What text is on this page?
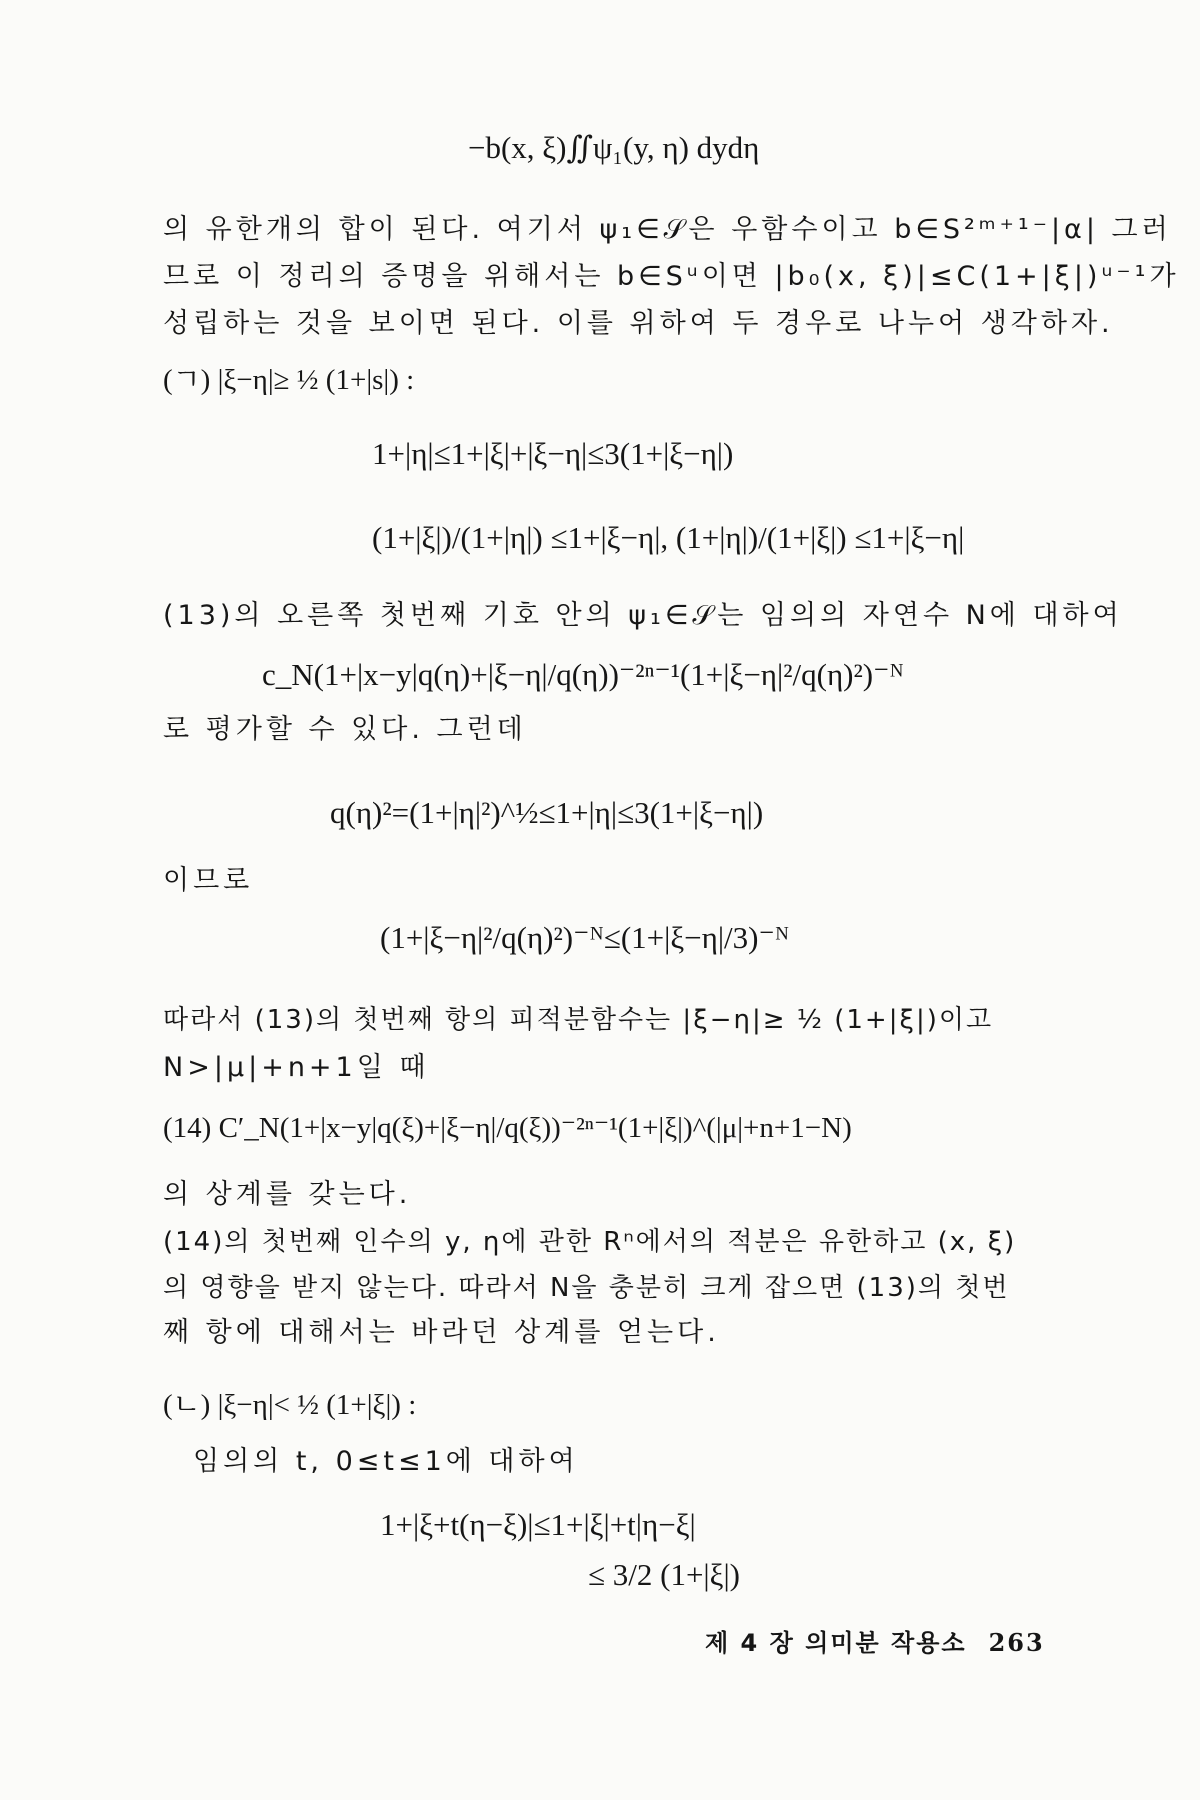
−b(x, ξ)∬ψ₁(y, η) dydη
의 유한개의 합이 된다. 여기서 ψ₁∈𝒮은 우함수이고 b∈S²ᵐ⁺¹⁻|α| 그러
므로 이 정리의 증명을 위해서는 b∈Sᵘ이면 |b₀(x, ξ)|≤C(1+|ξ|)ᵘ⁻¹가
성립하는 것을 보이면 된다. 이를 위하여 두 경우로 나누어 생각하자.
(ㄱ) |ξ−η|≥ ½ (1+|s|) :
1+|η|≤1+|ξ|+|ξ−η|≤3(1+|ξ−η|)
(1+|ξ|)/(1+|η|) ≤1+|ξ−η|, (1+|η|)/(1+|ξ|) ≤1+|ξ−η|
(13)의 오른쪽 첫번째 기호 안의 ψ₁∈𝒮는 임의의 자연수 N에 대하여
c_N(1+|x−y|q(η)+|ξ−η|/q(η))⁻²ⁿ⁻¹(1+|ξ−η|²/q(η)²)⁻ᴺ
로 평가할 수 있다. 그런데
q(η)²=(1+|η|²)^½≤1+|η|≤3(1+|ξ−η|)
이므로
(1+|ξ−η|²/q(η)²)⁻ᴺ≤(1+|ξ−η|/3)⁻ᴺ
따라서 (13)의 첫번째 항의 피적분함수는 |ξ−η|≥ ½ (1+|ξ|)이고
N>|μ|+n+1일 때
(14) C′_N(1+|x−y|q(ξ)+|ξ−η|/q(ξ))⁻²ⁿ⁻¹(1+|ξ|)^(|μ|+n+1−N)
의 상계를 갖는다.
(14)의 첫번째 인수의 y, η에 관한 Rⁿ에서의 적분은 유한하고 (x, ξ)
의 영향을 받지 않는다. 따라서 N을 충분히 크게 잡으면 (13)의 첫번
째 항에 대해서는 바라던 상계를 얻는다.
(ㄴ) |ξ−η|< ½ (1+|ξ|) :
임의의 t, 0≤t≤1에 대하여
1+|ξ+t(η−ξ)|≤1+|ξ|+t|η−ξ|
≤ 3/2 (1+|ξ|)
제 4 장 의미분 작용소 263
